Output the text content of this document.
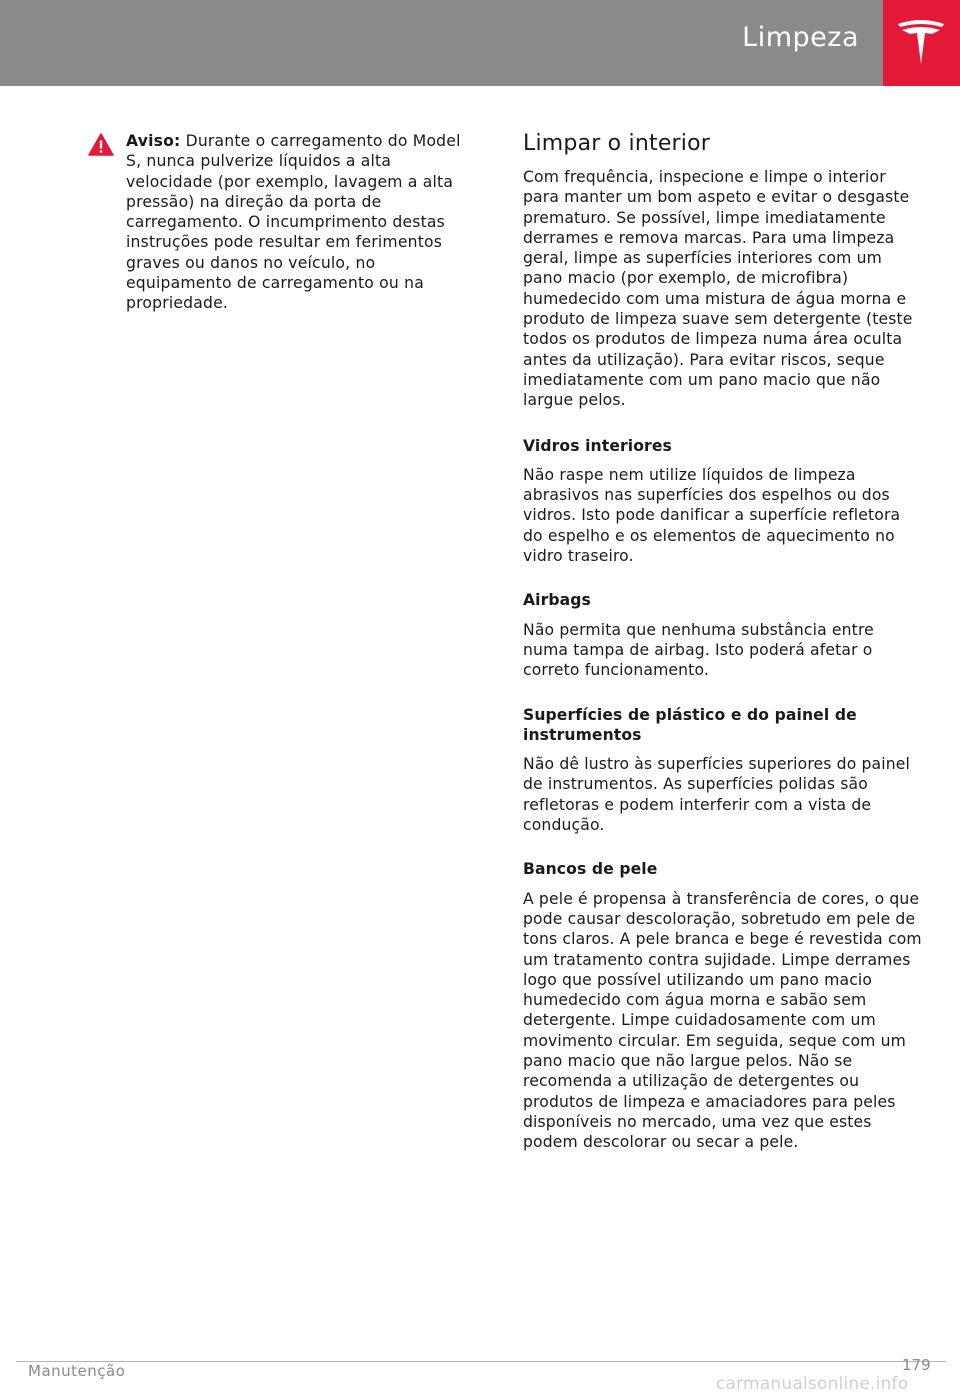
Limpeza
Aviso: Durante o carregamento do Model S, nunca pulverize líquidos a alta velocidade (por exemplo, lavagem a alta pressão) na direção da porta de carregamento. O incumprimento destas instruções pode resultar em ferimentos graves ou danos no veículo, no equipamento de carregamento ou na propriedade.
Limpar o interior

Com frequência, inspecione e limpe o interior para manter um bom aspeto e evitar o desgaste prematuro. Se possível, limpe imediatamente derrames e remova marcas. Para uma limpeza geral, limpe as superfícies interiores com um pano macio (por exemplo, de microfibra) humedecido com uma mistura de água morna e produto de limpeza suave sem detergente (teste todos os produtos de limpeza numa área oculta antes da utilização). Para evitar riscos, seque imediatamente com um pano macio que não largue pelos.

Vidros interiores

Não raspe nem utilize líquidos de limpeza abrasivos nas superfícies dos espelhos ou dos vidros. Isto pode danificar a superfície refletora do espelho e os elementos de aquecimento no vidro traseiro.

Airbags

Não permita que nenhuma substância entre numa tampa de airbag. Isto poderá afetar o correto funcionamento.

Superfícies de plástico e do painel de instrumentos

Não dê lustro às superfícies superiores do painel de instrumentos. As superfícies polidas são refletoras e podem interferir com a vista de condução.

Bancos de pele

A pele é propensa à transferência de cores, o que pode causar descoloração, sobretudo em pele de tons claros. A pele branca e bege é revestida com um tratamento contra sujidade. Limpe derrames logo que possível utilizando um pano macio humedecido com água morna e sabão sem detergente. Limpe cuidadosamente com um movimento circular. Em seguida, seque com um pano macio que não largue pelos. Não se recomenda a utilização de detergentes ou produtos de limpeza e amaciadores para peles disponíveis no mercado, uma vez que estes podem descolorar ou secar a pele.

Manutenção	179
carmanualsonline.info
